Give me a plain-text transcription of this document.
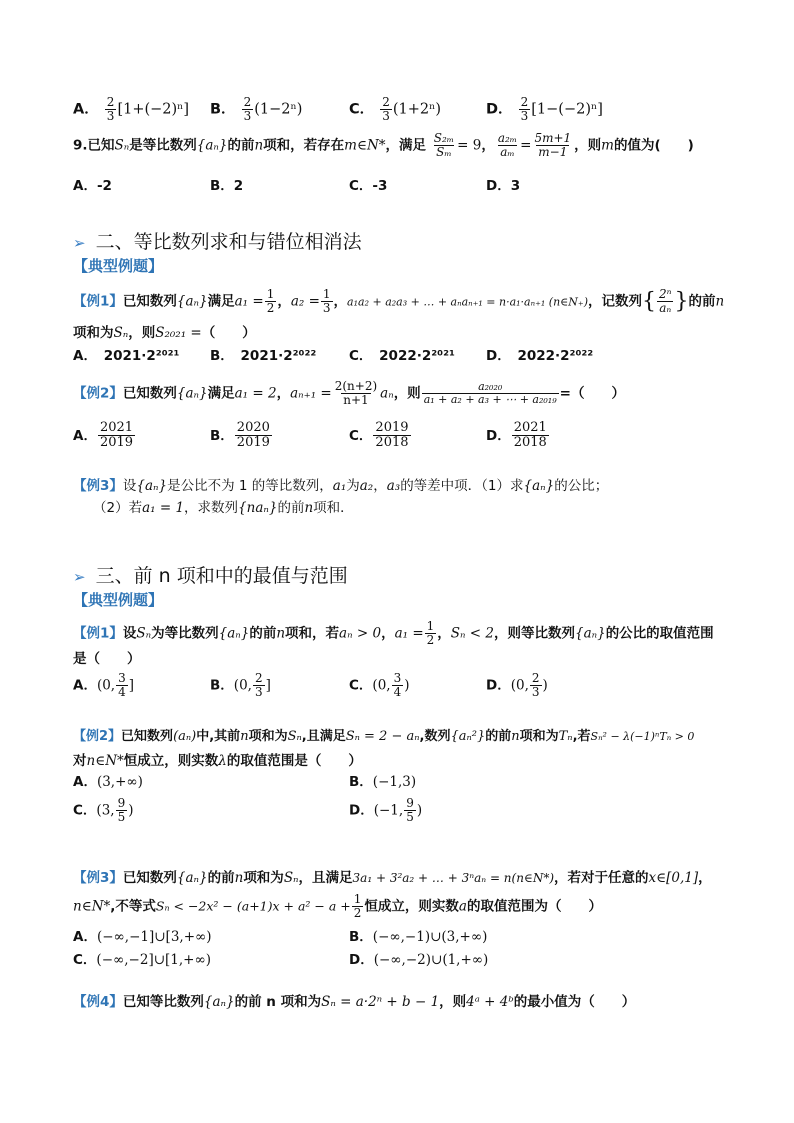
A． $\frac{2}{3} [1+(-2)^n]$ B． $\frac{2}{3} (1-2^n)$	C． $\frac{2}{3} (1+2^n)$	D． $\frac{2}{3} [1-(-2)^n]$
9.已知Sₙ是等比数列{aₙ}的前n项和，若存在m∈N*，满足 $\frac{\text{S₂ₘ}}{\text{Sₘ}} = 9$， $\frac{\text{a₂ₘ}}{\text{aₘ}} = \frac{5m+1}{m-1}$ ，则m的值为(　　)
A．-2	B．2	C．-3	D．3
➢ 二、等比数列求和与错位相消法
【典型例题】
【例1】已知数列{aₙ}满足$a_1 = \frac{1}{2}$ ，$a_2 = \frac{1}{3}$ ，a₁a₂ + a₂a₃ + … + aₙaₙ₊₁ = n·a₁·aₙ₊₁ (n∈N₊)，记数列{ $\frac{\text{2ⁿ}}{\text{aₙ}}$ }的前n
项和为Sₙ，则S₂₀₂₁ =（　　）
A．　2021·2²⁰²¹ B．　2021·2²⁰²² C．　2022·2²⁰²¹ D．　2022·2²⁰²²
【例2】已知数列{aₙ}满足a₁ = 2，$a_{n+1} = \frac{2(n+2)}{n+1}$ aₙ，则 $\frac{\text{a₂₀₂₀}}{\text{a₁ + a₂ + a₃ + ⋯ + a₂₀₁₉}}$ =（　　）
A． $\frac{2021}{2019}$	B． $\frac{2020}{2019}$	C． $\frac{2019}{2018}$	D． $\frac{2021}{2018}$
【例3】设{aₙ}是公比不为 1 的等比数列，a₁为a₂，a₃的等差中项．（1）求{aₙ}的公比；
（2）若a₁ = 1，求数列{naₙ}的前n项和．
➢ 三、前 n 项和中的最值与范围
【典型例题】
【例1】设Sₙ为等比数列{aₙ}的前n项和，若aₙ > 0，$a_1 = \frac{1}{2}$ ，Sₙ < 2，则等比数列{aₙ}的公比的取值范围
是（　　）
A．(0, $\frac{3}{4}$ ]	B．(0, $\frac{2}{3}$ ]	C．(0, $\frac{3}{4}$ )	D．(0, $\frac{2}{3}$ )
【例2】已知数列(aₙ)中,其前n项和为Sₙ,且满足Sₙ = 2 − aₙ,数列{aₙ²}的前n项和为Tₙ,若Sₙ² − λ(−1)ⁿTₙ > 0
对n∈N*恒成立，则实数λ的取值范围是（　　）
A．(3,+∞)	B．(−1,3)
C．(3, $\frac{9}{5}$ )	D．(−1, $\frac{9}{5}$ )
【例3】已知数列{aₙ}的前n项和为Sₙ，且满足3a₁ + 3²a₂ + … + 3ⁿaₙ = n(n∈N*)，若对于任意的x∈[0,1]，
n∈N*,不等式$S_n < -2x^2 - (a+1)x + a^2 - a + \frac{1}{2}$ 恒成立，则实数a的取值范围为（　　）
A．(−∞,−1]∪[3,+∞)	B．(−∞,−1)∪(3,+∞)
C．(−∞,−2]∪[1,+∞)	D．(−∞,−2)∪(1,+∞)
【例4】已知等比数列{aₙ}的前 n 项和为Sₙ = a·2ⁿ + b − 1，则4ᵃ + 4ᵇ的最小值为（　　）
